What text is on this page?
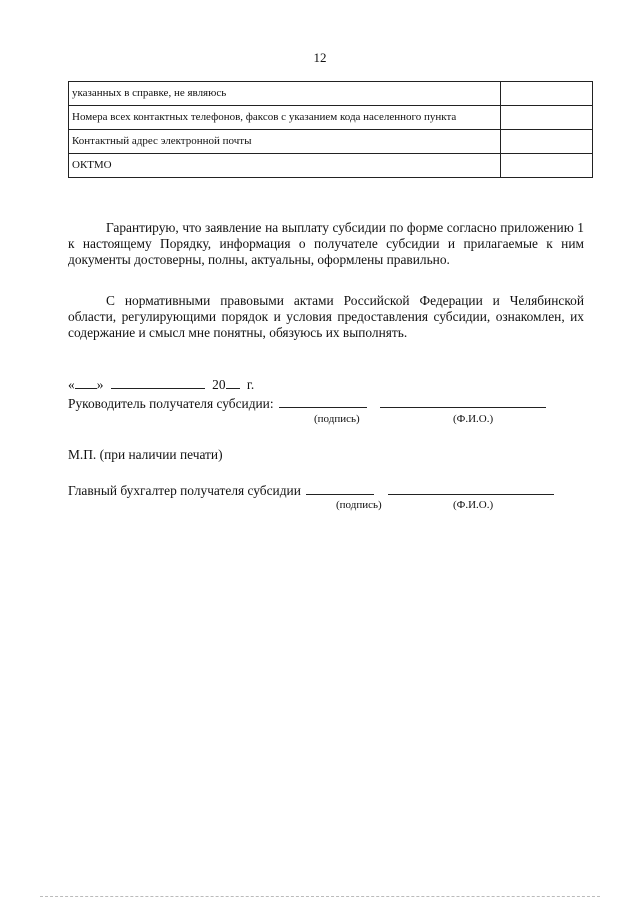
12
указанных в справке, не являюсь	
Номера всех контактных телефонов, факсов с указанием кода населенного пункта	
Контактный адрес электронной почты	
ОКТМО	

Гарантирую, что заявление на выплату субсидии по форме согласно приложению 1 к настоящему Порядку, информация о получателе субсидии и прилагаемые к ним документы достоверны, полны, актуальны, оформлены правильно.

С нормативными правовыми актами Российской Федерации и Челябинской области, регулирующими порядок и условия предоставления субсидии, ознакомлен, их содержание и смысл мне понятны, обязуюсь их выполнять.

« »	20 г.
Руководитель получателя субсидии:
(подпись)	(Ф.И.О.)
М.П. (при наличии печати)
Главный бухгалтер получателя субсидии
(подпись)	(Ф.И.О.)
